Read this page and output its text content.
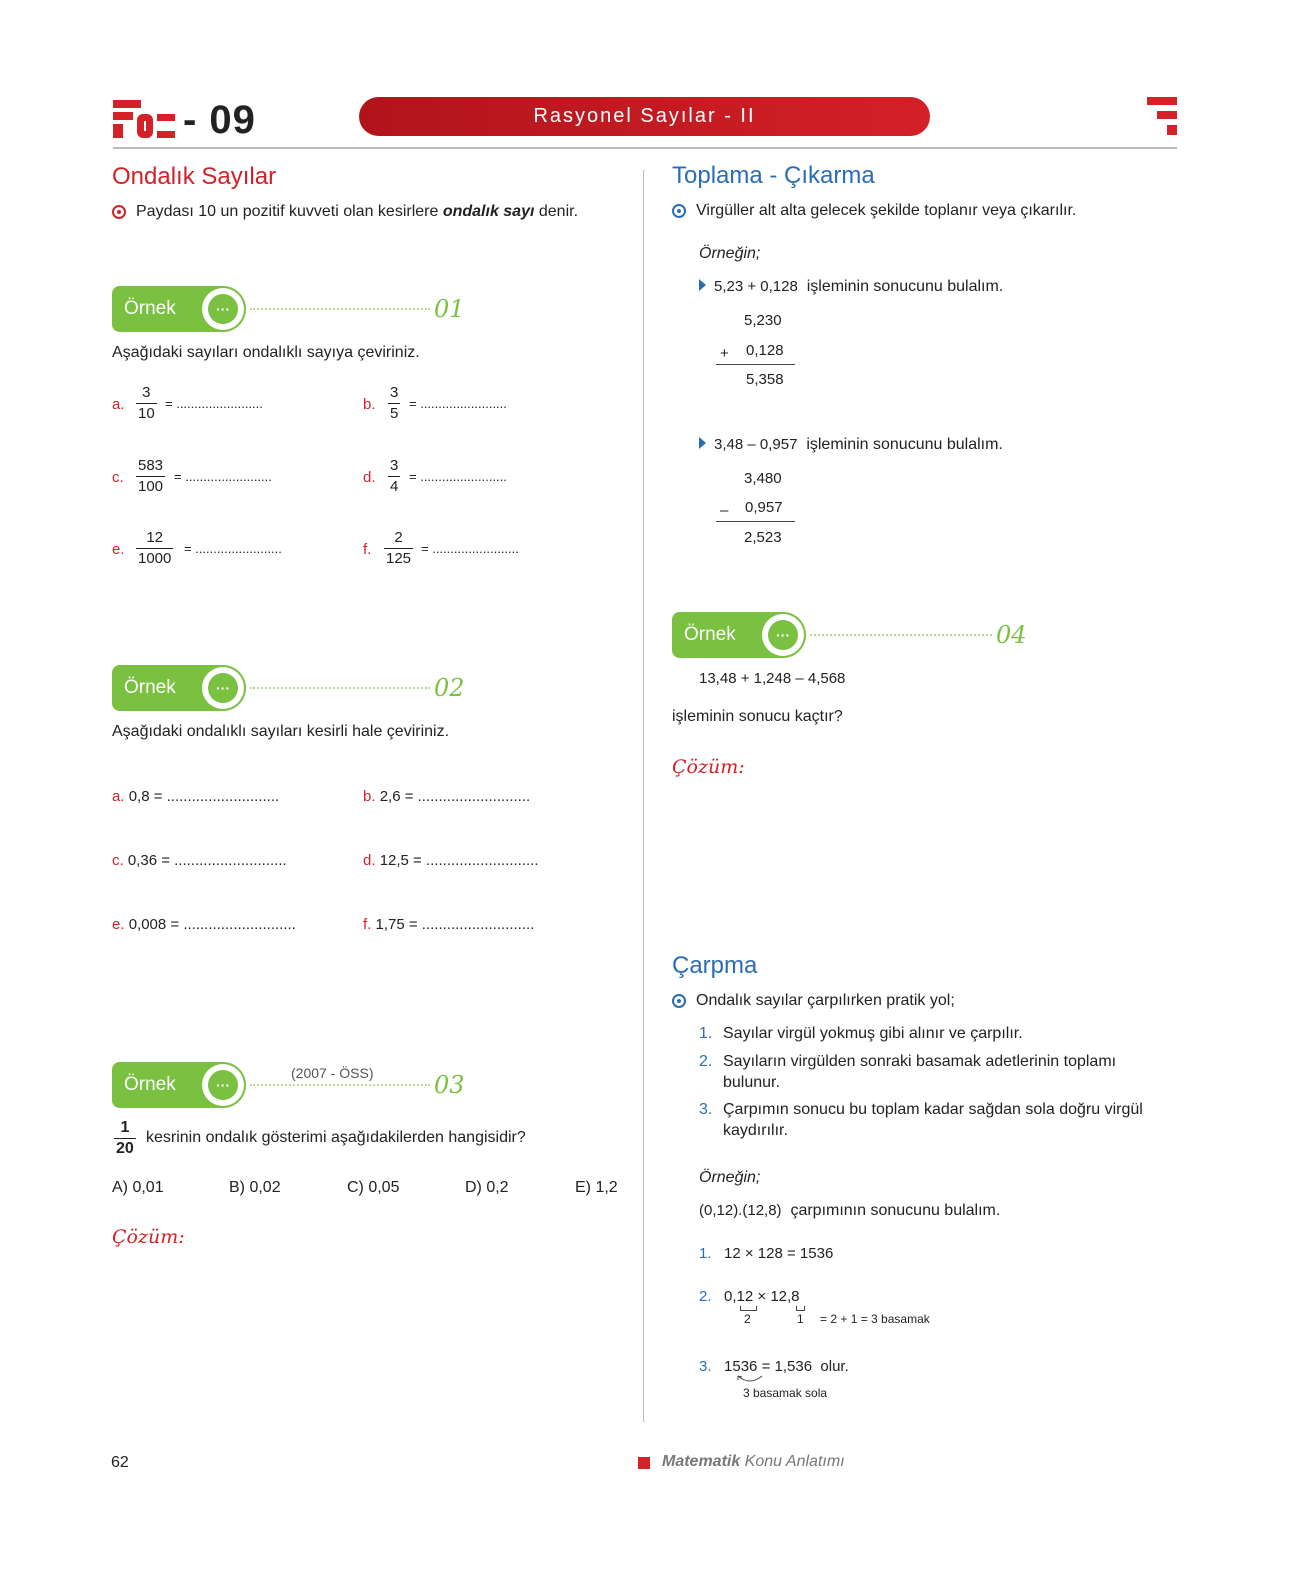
- 09	Rasyonel Sayılar - II
Ondalık Sayılar
Paydası 10 un pozitif kuvveti olan kesirlere ondalık sayı denir.
Örnek	···	01
Aşağıdaki sayıları ondalıklı sayıya çeviriniz.
a. $\frac{3}{10}$ = ........................	b. $\frac{3}{5}$ = ........................
c. $\frac{583}{100}$ = ........................	d. $\frac{3}{4}$ = ........................
e. $\frac{12}{1000}$ = ........................	f. $\frac{2}{125}$ = ........................
Örnek	···	02
Aşağıdaki ondalıklı sayıları kesirli hale çeviriniz.
a. 0,8 = ...........................	b. 2,6 = ...........................
c. 0,36 = ...........................	d. 12,5 = ...........................
e. 0,008 = ...........................	f. 1,75 = ...........................
Örnek	···	03
(2007 - ÖSS)
$\frac{1}{20}$ kesrinin ondalık gösterimi aşağıdakilerden hangisidir?
A) 0,01	B) 0,02	C) 0,05	D) 0,2	E) 1,2
Çözüm:
Toplama - Çıkarma
Virgüller alt alta gelecek şekilde toplanır veya çıkarılır.
Örneğin;
5,23 + 0,128 işleminin sonucunu bulalım.
5,230
+ 0,128
5,358
3,48 – 0,957 işleminin sonucunu bulalım.
3,480
– 0,957
2,523
Örnek	···	04
13,48 + 1,248 – 4,568
işleminin sonucu kaçtır?
Çözüm:
Çarpma
Ondalık sayılar çarpılırken pratik yol;
1. Sayılar virgül yokmuş gibi alınır ve çarpılır.
2. Sayıların virgülden sonraki basamak adetlerinin toplamı bulunur.
3. Çarpımın sonucu bu toplam kadar sağdan sola doğru virgül kaydırılır.
Örneğin;
(0,12).(12,8) çarpımının sonucunu bulalım.
1. 12 × 128 = 1536
2. 0,12 × 12,8
2	1 = 2 + 1 = 3 basamak
3. 1536 = 1,536 olur.
3 basamak sola
62	Matematik Konu Anlatımı
